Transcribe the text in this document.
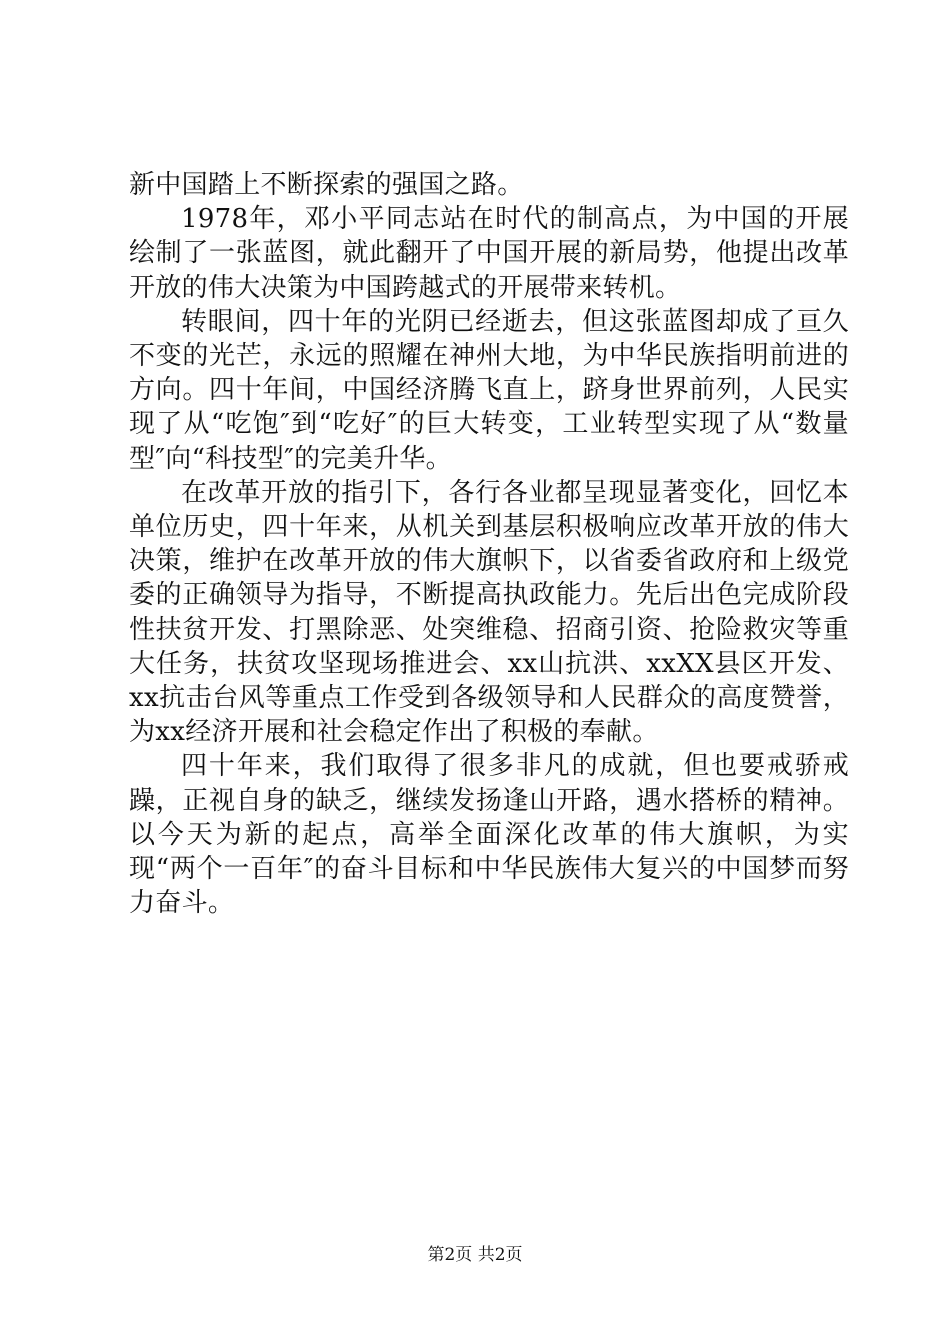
新中国踏上不断探索的强国之路。

1978年，邓小平同志站在时代的制高点，为中国的开展绘制了一张蓝图，就此翻开了中国开展的新局势，他提出改革开放的伟大决策为中国跨越式的开展带来转机。

转眼间，四十年的光阴已经逝去，但这张蓝图却成了亘久不变的光芒，永远的照耀在神州大地，为中华民族指明前进的方向。四十年间，中国经济腾飞直上，跻身世界前列，人民实现了从“吃饱″到“吃好″的巨大转变，工业转型实现了从“数量型″向“科技型″的完美升华。

在改革开放的指引下，各行各业都呈现显著变化，回忆本单位历史，四十年来，从机关到基层积极响应改革开放的伟大决策，维护在改革开放的伟大旗帜下，以省委省政府和上级党委的正确领导为指导，不断提高执政能力。先后出色完成阶段性扶贫开发、打黑除恶、处突维稳、招商引资、抢险救灾等重大任务，扶贫攻坚现场推进会、xx山抗洪、xxXX县区开发、xx抗击台风等重点工作受到各级领导和人民群众的高度赞誉，为xx经济开展和社会稳定作出了积极的奉献。

四十年来，我们取得了很多非凡的成就，但也要戒骄戒躁，正视自身的缺乏，继续发扬逢山开路，遇水搭桥的精神。以今天为新的起点，高举全面深化改革的伟大旗帜，为实现“两个一百年″的奋斗目标和中华民族伟大复兴的中国梦而努力奋斗。

第2页 共2页
